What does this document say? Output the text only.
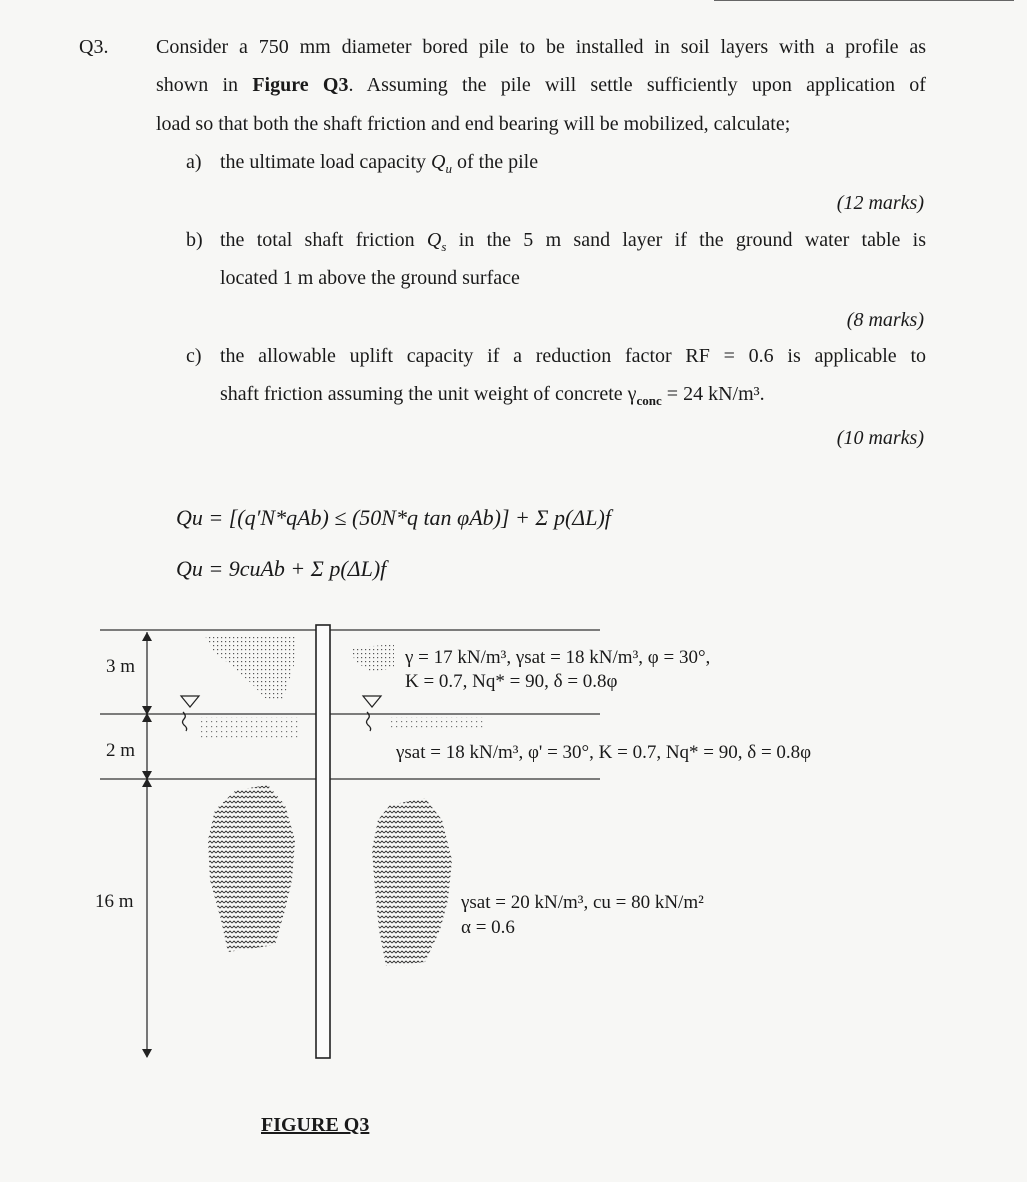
Q3. Consider a 750 mm diameter bored pile to be installed in soil layers with a profile as
shown in Figure Q3. Assuming the pile will settle sufficiently upon application of
load so that both the shaft friction and end bearing will be mobilized, calculate;
a) the ultimate load capacity $Q_u$ of the pile
(12 marks)
b) the total shaft friction $Q_s$ in the 5 m sand layer if the ground water table is
located 1 m above the ground surface
(8 marks)
c) the allowable uplift capacity if a reduction factor RF = 0.6 is applicable to
shaft friction assuming the unit weight of concrete $\gamma_{conc} = 24$ kN/m³.
(10 marks)
Qu = [(q′N*qAb) ≤ (50N*q tan φAb)] + Σ p(ΔL)f
Qu = 9cuAb + Σ p(ΔL)f
3 m
2 m
16 m
γ = 17 kN/m³, γsat = 18 kN/m³, φ = 30°,
K = 0.7, Nq* = 90, δ = 0.8φ
γsat = 18 kN/m³, φ' = 30°, K = 0.7, Nq* = 90, δ = 0.8φ
γsat = 20 kN/m³, cu = 80 kN/m²
α = 0.6
FIGURE Q3
